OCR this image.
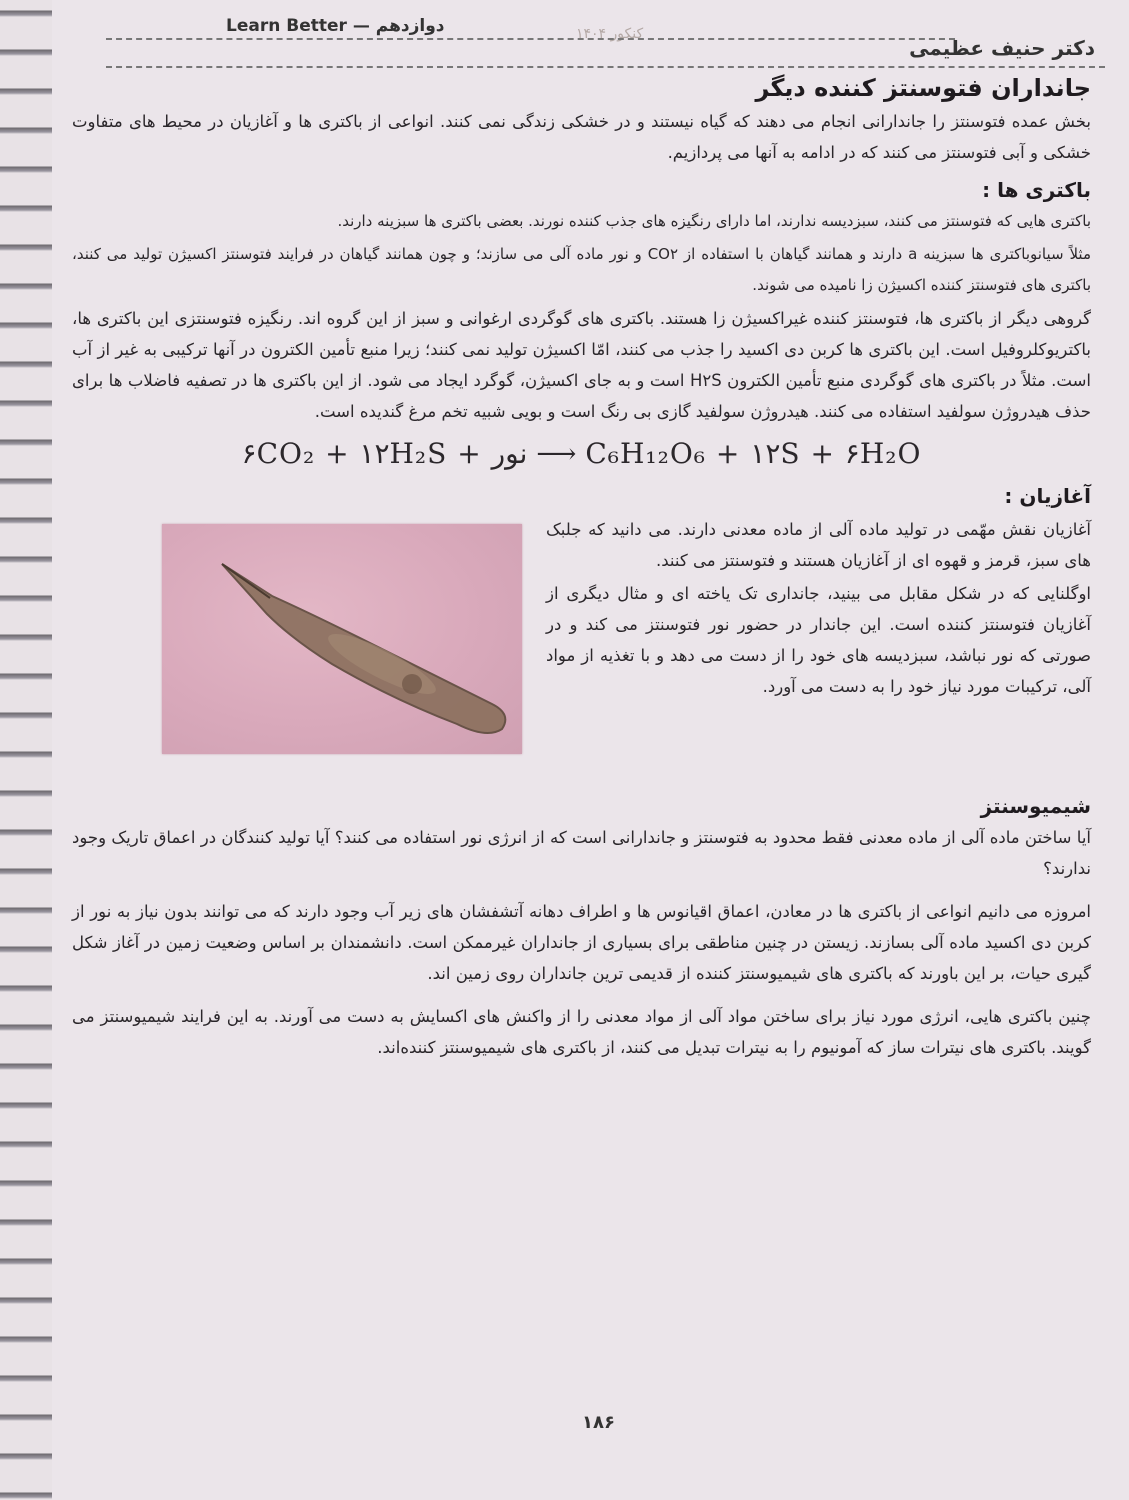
دوازدهم — Learn Better	کنکور ۱۴۰۴
دکتر حنیف عظیمی
جانداران فتوسنتز کننده دیگر
بخش عمده فتوسنتز را جاندارانی انجام می دهند که گیاه نیستند و در خشکی زندگی نمی کنند. انواعی از باکتری ها و آغازیان در محیط های متفاوت خشکی و آبی فتوسنتز می کنند که در ادامه به آنها می پردازیم.
باکتری ها :
باکتری هایی که فتوسنتز می کنند، سبزدیسه ندارند، اما دارای رنگیزه های جذب کننده نورند. بعضی باکتری ها سبزینه دارند.
مثلاً سیانوباکتری ها سبزینه a دارند و همانند گیاهان با استفاده از CO۲ و نور ماده آلی می سازند؛ و چون همانند گیاهان در فرایند فتوسنتز اکسیژن تولید می کنند، باکتری های فتوسنتز کننده اکسیژن زا نامیده می شوند.
گروهی دیگر از باکتری ها، فتوسنتز کننده غیراکسیژن زا هستند. باکتری های گوگردی ارغوانی و سبز از این گروه اند. رنگیزه فتوسنتزی این باکتری ها، باکتریوکلروفیل است. این باکتری ها کربن دی اکسید را جذب می کنند، امّا اکسیژن تولید نمی کنند؛ زیرا منبع تأمین الکترون در آنها ترکیبی به غیر از آب است. مثلاً در باکتری های گوگردی منبع تأمین الکترون H۲S است و به جای اکسیژن، گوگرد ایجاد می شود. از این باکتری ها در تصفیه فاضلاب ها برای حذف هیدروژن سولفید استفاده می کنند. هیدروژن سولفید گازی بی رنگ است و بویی شبیه تخم مرغ گندیده است.
۶CO₂ + ۱۲H₂S + نور ⟶ C₆H₁₂O₆ + ۱۲S + ۶H₂O
آغازیان :
آغازیان نقش مهّمی در تولید ماده آلی از ماده معدنی دارند. می دانید که جلبک های سبز، قرمز و قهوه ای از آغازیان هستند و فتوسنتز می کنند.
اوگلنایی که در شکل مقابل می بینید، جانداری تک یاخته ای و مثال دیگری از آغازیان فتوسنتز کننده است. این جاندار در حضور نور فتوسنتز می کند و در صورتی که نور نباشد، سبزدیسه های خود را از دست می دهد و با تغذیه از مواد آلی، ترکیبات مورد نیاز خود را به دست می آورد.
شیمیوسنتز
آیا ساختن ماده آلی از ماده معدنی فقط محدود به فتوسنتز و جاندارانی است که از انرژی نور استفاده می کنند؟ آیا تولید کنندگان در اعماق تاریک وجود ندارند؟
امروزه می دانیم انواعی از باکتری ها در معادن، اعماق اقیانوس ها و اطراف دهانه آتشفشان های زیر آب وجود دارند که می توانند بدون نیاز به نور از کربن دی اکسید ماده آلی بسازند. زیستن در چنین مناطقی برای بسیاری از جانداران غیرممکن است. دانشمندان بر اساس وضعیت زمین در آغاز شکل گیری حیات، بر این باورند که باکتری های شیمیوسنتز کننده از قدیمی ترین جانداران روی زمین اند.
چنین باکتری هایی، انرژی مورد نیاز برای ساختن مواد آلی از مواد معدنی را از واکنش های اکسایش به دست می آورند. به این فرایند شیمیوسنتز می گویند. باکتری های نیترات ساز که آمونیوم را به نیترات تبدیل می کنند، از باکتری های شیمیوسنتز کننده‌اند.
۱۸۶
